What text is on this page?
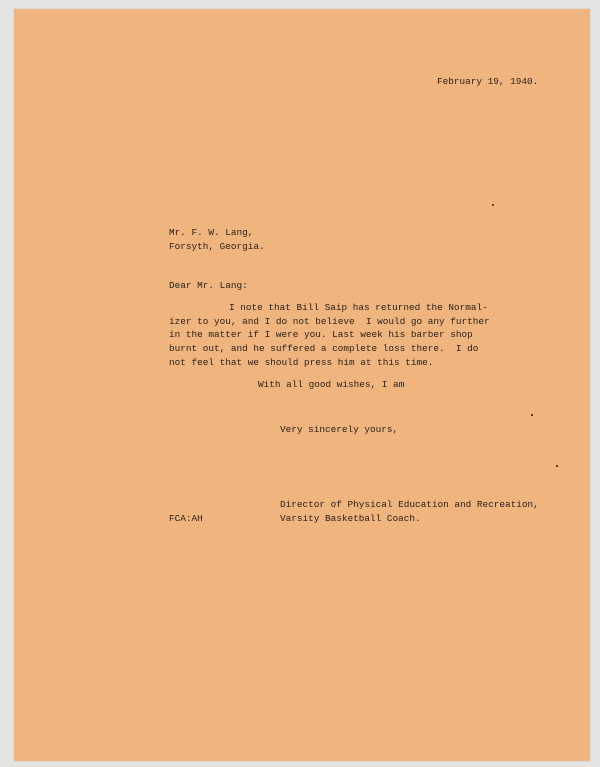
February 19, 1940.

Mr. F. W. Lang,

Forsyth, Georgia.

Dear Mr. Lang:

I note that Bill Saip has returned the Normal-

izer to you, and I do not believe  I would go any further

in the matter if I were you. Last week his barber shop

burnt out, and he suffered a complete loss there.  I do

not feel that we should press him at this time.

With all good wishes, I am

Very sincerely yours,

FCA:AH

Director of Physical Education and Recreation,

Varsity Basketball Coach.
